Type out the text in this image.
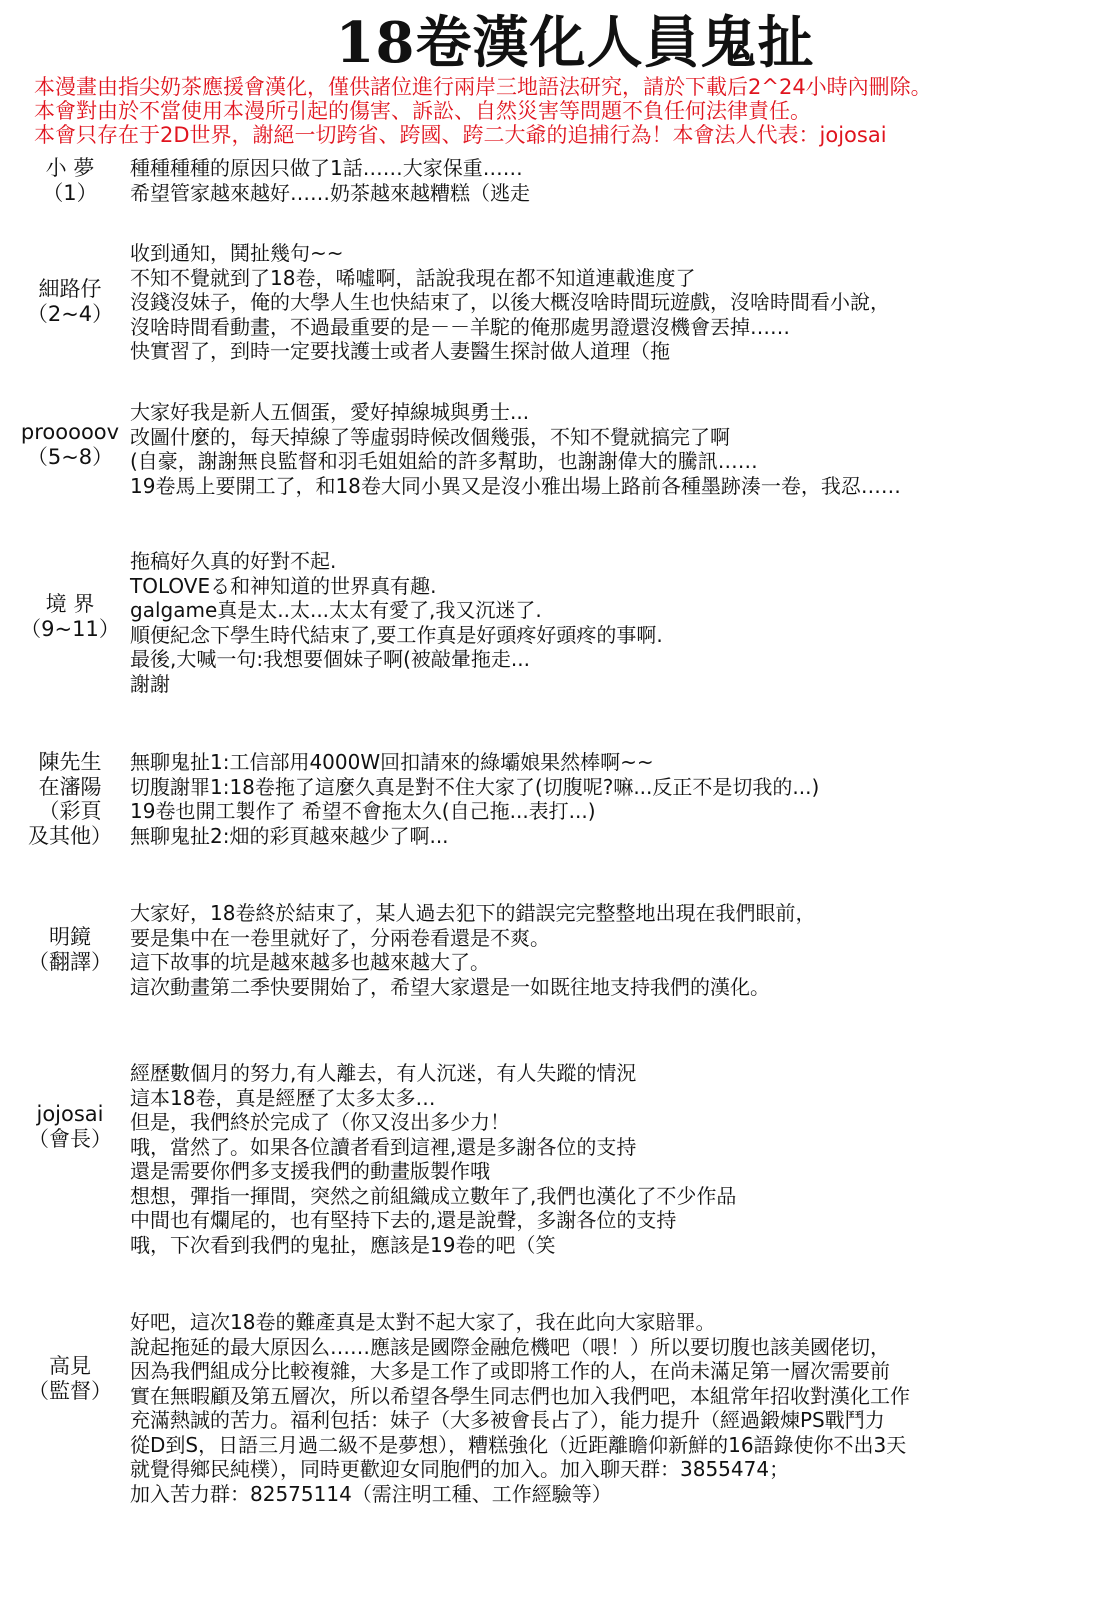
18卷漢化人員鬼扯
本漫畫由指尖奶茶應援會漢化，僅供諸位進行兩岸三地語法研究，請於下載后2^24小時內刪除。
本會對由於不當使用本漫所引起的傷害、訴訟、自然災害等問題不負任何法律責任。
本會只存在于2D世界，謝絕一切跨省、跨國、跨二大爺的追捕行為！本會法人代表：jojosai
小 夢
（1）
種種種種的原因只做了1話……大家保重……
希望管家越來越好……奶茶越來越糟糕（逃走
細路仔
（2~4）
收到通知，鬨扯幾句~~
不知不覺就到了18卷，唏噓啊，話說我現在都不知道連載進度了
沒錢沒妹子，俺的大學人生也快結束了，以後大概沒啥時間玩遊戲，沒啥時間看小說，
沒啥時間看動畫，不過最重要的是－－羊駝的俺那處男證還沒機會丟掉……
快實習了，到時一定要找護士或者人妻醫生探討做人道理（拖
prooooov
（5~8）
大家好我是新人五個蛋，愛好掉線城與勇士...
改圖什麼的，每天掉線了等虛弱時候改個幾張，不知不覺就搞完了啊
(自豪，謝謝無良監督和羽毛姐姐給的許多幫助，也謝謝偉大的騰訊……
19卷馬上要開工了，和18卷大同小異又是沒小雅出場上路前各種墨跡湊一卷，我忍……
境 界
（9~11）
拖稿好久真的好對不起.
TOLOVEる和神知道的世界真有趣.
galgame真是太..太...太太有愛了,我又沉迷了.
順便紀念下學生時代結束了,要工作真是好頭疼好頭疼的事啊.
最後,大喊一句:我想要個妹子啊(被敲暈拖走...
謝謝
陳先生
在瀋陽
（彩頁
及其他）
無聊鬼扯1:工信部用4000W回扣請來的綠壩娘果然棒啊~~
切腹謝罪1:18卷拖了這麼久真是對不住大家了(切腹呢?嘛...反正不是切我的...)
19卷也開工製作了 希望不會拖太久(自己拖...表打...)
無聊鬼扯2:畑的彩頁越來越少了啊...
明鏡
（翻譯）
大家好，18卷終於結束了，某人過去犯下的錯誤完完整整地出現在我們眼前，
要是集中在一卷里就好了，分兩卷看還是不爽。
這下故事的坑是越來越多也越來越大了。
這次動畫第二季快要開始了，希望大家還是一如既往地支持我們的漢化。
jojosai
（會長）
經歷數個月的努力,有人離去，有人沉迷，有人失蹤的情況
這本18卷，真是經歷了太多太多…
但是，我們終於完成了（你又沒出多少力！
哦，當然了。如果各位讀者看到這裡,還是多謝各位的支持
還是需要你們多支援我們的動畫版製作哦
想想，彈指一揮間，突然之前組織成立數年了,我們也漢化了不少作品
中間也有爛尾的，也有堅持下去的,還是說聲，多謝各位的支持
哦，下次看到我們的鬼扯，應該是19卷的吧（笑
高見
（監督）
好吧，這次18卷的難產真是太對不起大家了，我在此向大家賠罪。
說起拖延的最大原因么……應該是國際金融危機吧（喂！）所以要切腹也該美國佬切，
因為我們組成分比較複雜，大多是工作了或即將工作的人，在尚未滿足第一層次需要前
實在無暇顧及第五層次，所以希望各學生同志們也加入我們吧，本組常年招收對漢化工作
充滿熱誠的苦力。福利包括：妹子（大多被會長占了），能力提升（經過鍛煉PS戰鬥力
從D到S，日語三月過二級不是夢想），糟糕強化（近距離瞻仰新鮮的16語錄使你不出3天
就覺得鄉民純樸），同時更歡迎女同胞們的加入。加入聊天群：3855474；
加入苦力群：82575114（需注明工種、工作經驗等）
